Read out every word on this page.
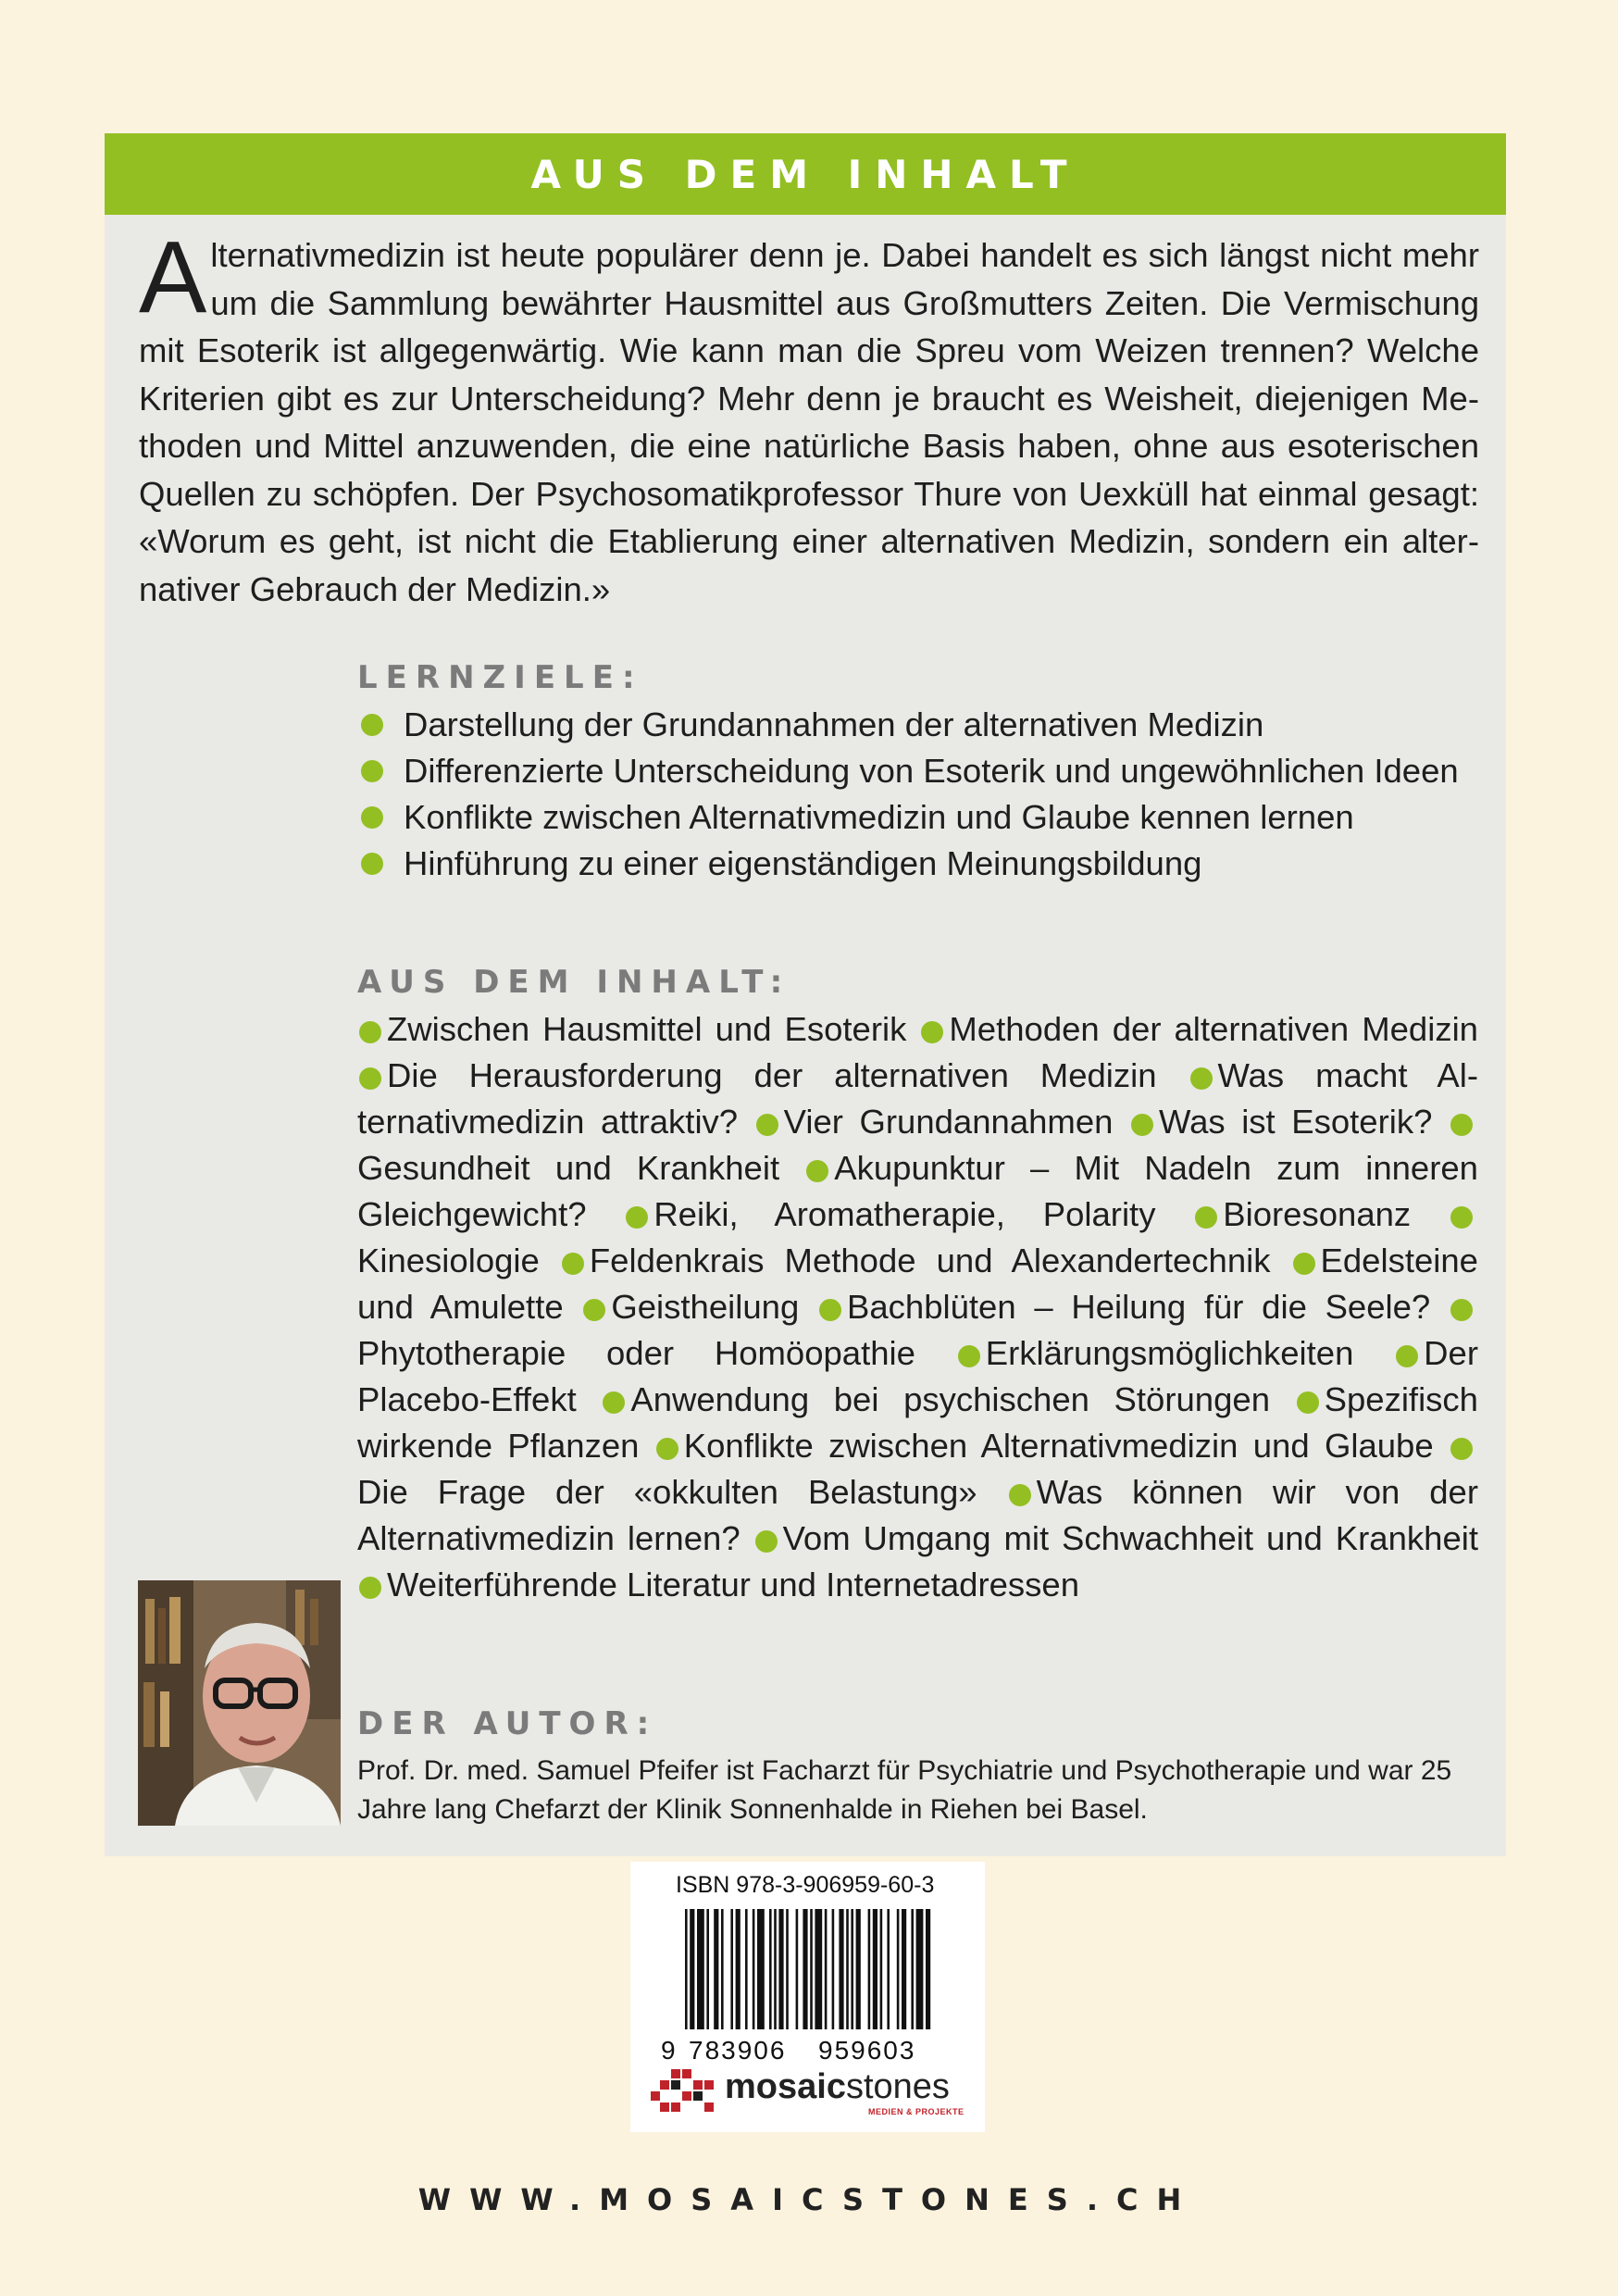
AUS DEM INHALT
Alternativmedizin ist heute populärer denn je. Dabei handelt es sich längst nicht mehr um die Sammlung bewährter Hausmittel aus Großmutters Zeiten. Die Vermischung mit Esoterik ist allgegenwärtig. Wie kann man die Spreu vom Weizen trennen? Welche Kriterien gibt es zur Unterscheidung? Mehr denn je braucht es Weisheit, diejenigen Methoden und Mittel anzuwenden, die eine natürliche Basis haben, ohne aus esoterischen Quellen zu schöpfen. Der Psychosomatikprofessor Thure von Uexküll hat einmal gesagt: «Worum es geht, ist nicht die Etablierung einer alternativen Medizin, sondern ein alternativer Gebrauch der Medizin.»
LERNZIELE:
Darstellung der Grundannahmen der alternativen Medizin
Differenzierte Unterscheidung von Esoterik und ungewöhnlichen Ideen
Konflikte zwischen Alternativmedizin und Glaube kennen lernen
Hinführung zu einer eigenständigen Meinungsbildung
AUS DEM INHALT:
Zwischen Hausmittel und Esoterik Methoden der alternativen Medizin Die Herausforderung der alternativen Medizin Was macht Alternativmedizin attraktiv? Vier Grundannahmen Was ist Esoterik? Gesundheit und Krankheit Akupunktur – Mit Nadeln zum inneren Gleichgewicht? Reiki, Aromatherapie, Polarity Bioresonanz Kinesiologie Feldenkrais Methode und Alexandertechnik Edelsteine und Amulette Geistheilung Bachblüten – Heilung für die Seele? Phytotherapie oder Homöopathie Erklärungsmöglichkeiten Der Placebo-Effekt Anwendung bei psychischen Störungen Spezifisch wirkende Pflanzen Konflikte zwischen Alternativmedizin und Glaube Die Frage der «okkulten Belastung» Was können wir von der Alternativmedizin lernen? Vom Umgang mit Schwachheit und Krankheit Weiterführende Literatur und Internetadressen
DER AUTOR:
Prof. Dr. med. Samuel Pfeifer ist Facharzt für Psychiatrie und Psychotherapie und war 25 Jahre lang Chefarzt der Klinik Sonnenhalde in Riehen bei Basel.
ISBN 978-3-906959-60-3
9 783906 959603
mosaicstones
MEDIEN & PROJEKTE
WWW.MOSAICSTONES.CH
